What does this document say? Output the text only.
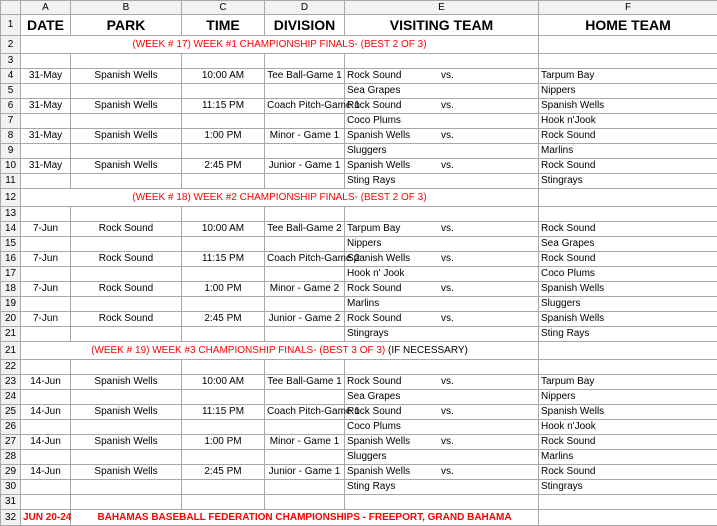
	A	B	C	D	E	F
1	DATE	PARK	TIME	DIVISION	VISITING TEAM	HOME TEAM
2	(WEEK # 17) WEEK #1 CHAMPIONSHIP FINALS- (BEST 2 OF 3)					
3						
4	31-May	Spanish Wells	10:00 AM	Tee Ball-Game 1	Rock Sound vs.	Tarpum Bay
5					Sea Grapes	Nippers
6	31-May	Spanish Wells	11:15 PM	Coach Pitch-Game 1	Rock Sound vs.	Spanish Wells
7					Coco Plums	Hook n'Jook
8	31-May	Spanish Wells	1:00 PM	Minor - Game 1	Spanish Wells vs.	Rock Sound
9					Sluggers	Marlins
10	31-May	Spanish Wells	2:45 PM	Junior - Game 1	Spanish Wells vs.	Rock Sound
11					Sting Rays	Stingrays
12	(WEEK # 18) WEEK #2 CHAMPIONSHIP FINALS- (BEST 2 OF 3)					
13						
14	7-Jun	Rock Sound	10:00 AM	Tee Ball-Game 2	Tarpum Bay vs.	Rock Sound
15					Nippers	Sea Grapes
16	7-Jun	Rock Sound	11:15 PM	Coach Pitch-Game 2	Spanish Wells vs.	Rock Sound
17					Hook n' Jook	Coco Plums
18	7-Jun	Rock Sound	1:00 PM	Minor - Game 2	Rock Sound vs.	Spanish Wells
19					Marlins	Sluggers
20	7-Jun	Rock Sound	2:45 PM	Junior - Game 2	Rock Sound vs.	Spanish Wells
21					Stingrays	Sting Rays
21	(WEEK # 19) WEEK #3 CHAMPIONSHIP FINALS- (BEST 3 OF 3) (IF NECESSARY)					
22						
23	14-Jun	Spanish Wells	10:00 AM	Tee Ball-Game 1	Rock Sound vs.	Tarpum Bay
24					Sea Grapes	Nippers
25	14-Jun	Spanish Wells	11:15 PM	Coach Pitch-Game 1	Rock Sound vs.	Spanish Wells
26					Coco Plums	Hook n'Jook
27	14-Jun	Spanish Wells	1:00 PM	Minor - Game 1	Spanish Wells vs.	Rock Sound
28					Sluggers	Marlins
29	14-Jun	Spanish Wells	2:45 PM	Junior - Game 1	Spanish Wells vs.	Rock Sound
30					Sting Rays	Stingrays
31						
32	JUN 20-24	BAHAMAS BASEBALL FEDERATION CHAMPIONSHIPS - FREEPORT, GRAND BAHAMA				
